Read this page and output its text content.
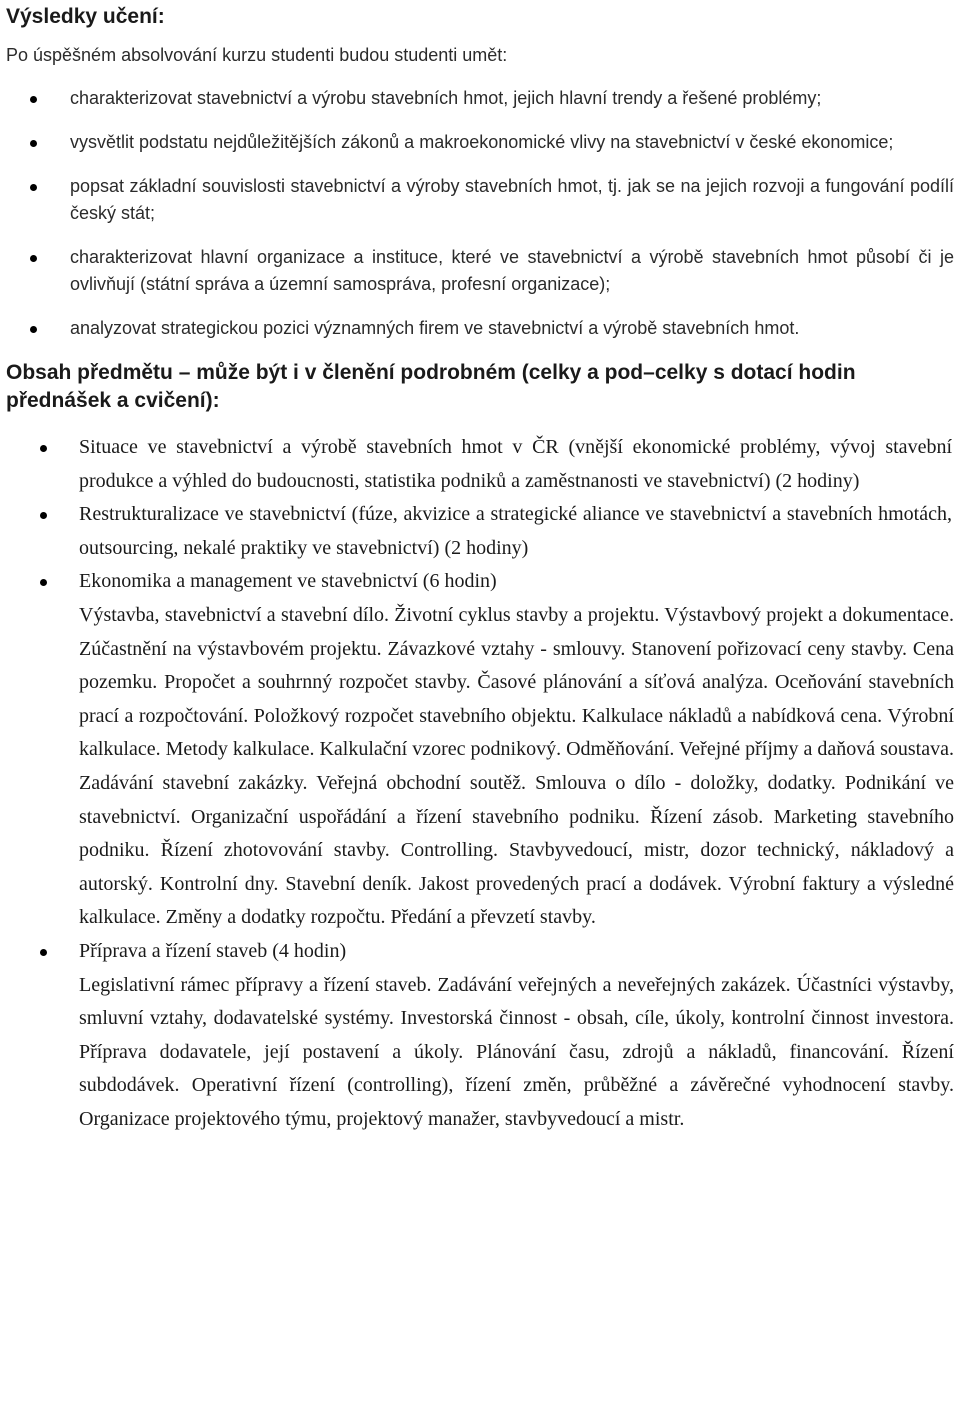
Výsledky učení:

Po úspěšném absolvování kurzu studenti budou studenti umět:

charakterizovat stavebnictví a výrobu stavebních hmot, jejich hlavní trendy a řešené problémy;
vysvětlit podstatu nejdůležitějších zákonů a makroekonomické vlivy na stavebnictví v české ekonomice;
popsat základní souvislosti stavebnictví a výroby stavebních hmot, tj. jak se na jejich rozvoji a fungování podílí český stát;
charakterizovat hlavní organizace a instituce, které ve stavebnictví a výrobě stavebních hmot působí či je ovlivňují (státní správa a územní samospráva, profesní organizace);
analyzovat strategickou pozici významných firem ve stavebnictví a výrobě stavebních hmot.
Obsah předmětu – může být i v členění podrobném (celky a pod–celky s dotací hodin přednášek a cvičení):
Situace ve stavebnictví a výrobě stavebních hmot v ČR (vnější ekonomické problémy, vývoj stavební produkce a výhled do budoucnosti, statistika podniků a zaměstnanosti ve stavebnictví) (2 hodiny)
Restrukturalizace ve stavebnictví (fúze, akvizice a strategické aliance ve stavebnictví a stavebních hmotách, outsourcing, nekalé praktiky ve stavebnictví) (2 hodiny)
Ekonomika a management ve stavebnictví (6 hodin)

Výstavba, stavebnictví a stavební dílo. Životní cyklus stavby a projektu. Výstavbový projekt a dokumentace. Zúčastnění na výstavbovém projektu. Závazkové vztahy - smlouvy. Stanovení pořizovací ceny stavby. Cena pozemku. Propočet a souhrnný rozpočet stavby. Časové plánování a síťová analýza. Oceňování stavebních prací a rozpočtování. Položkový rozpočet stavebního objektu. Kalkulace nákladů a nabídková cena. Výrobní kalkulace. Metody kalkulace. Kalkulační vzorec podnikový. Odměňování. Veřejné příjmy a daňová soustava. Zadávání stavební zakázky. Veřejná obchodní soutěž. Smlouva o dílo - doložky, dodatky. Podnikání ve stavebnictví. Organizační uspořádání a řízení stavebního podniku. Řízení zásob. Marketing stavebního podniku. Řízení zhotovování stavby. Controlling. Stavbyvedoucí, mistr, dozor technický, nákladový a autorský. Kontrolní dny. Stavební deník. Jakost provedených prací a dodávek. Výrobní faktury a výsledné kalkulace. Změny a dodatky rozpočtu. Předání a převzetí stavby.

Příprava a řízení staveb (4 hodin)

Legislativní rámec přípravy a řízení staveb. Zadávání veřejných a neveřejných zakázek. Účastníci výstavby, smluvní vztahy, dodavatelské systémy. Investorská činnost - obsah, cíle, úkoly, kontrolní činnost investora. Příprava dodavatele, její postavení a úkoly. Plánování času, zdrojů a nákladů, financování. Řízení subdodávek. Operativní řízení (controlling), řízení změn, průběžné a závěrečné vyhodnocení stavby. Organizace projektového týmu, projektový manažer, stavbyvedoucí a mistr.
